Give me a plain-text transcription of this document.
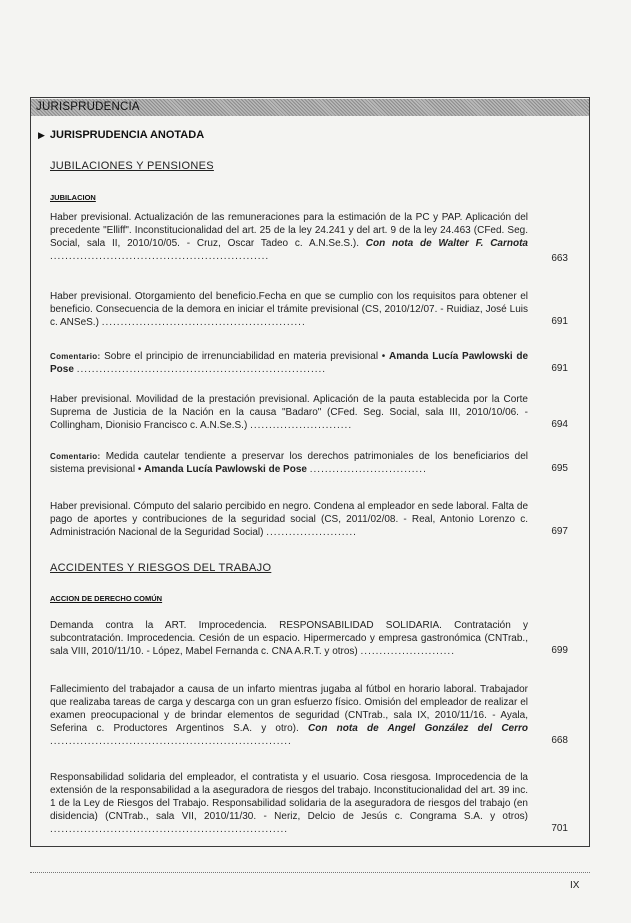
JURISPRUDENCIA
▶ JURISPRUDENCIA ANOTADA
JUBILACIONES Y PENSIONES
JUBILACION
Haber previsional. Actualización de las remuneraciones para la estimación de la PC y PAP. Aplicación del precedente "Elliff". Inconstitucionalidad del art. 25 de la ley 24.241 y del art. 9 de la ley 24.463 (CFed. Seg. Social, sala II, 2010/10/05. - Cruz, Oscar Tadeo c. A.N.Se.S.). Con nota de Walter F. Carnota ..........................................................	663
Haber previsional. Otorgamiento del beneficio.Fecha en que se cumplio con los requisitos para obtener el beneficio. Consecuencia de la demora en iniciar el trámite previsional (CS, 2010/12/07. - Ruidiaz, José Luis c. ANSeS.) ......................................................	691
Comentario: Sobre el principio de irrenunciabilidad en materia previsional • Amanda Lucía Pawlowski de Pose ..................................................................	691
Haber previsional. Movilidad de la prestación previsional. Aplicación de la pauta establecida por la Corte Suprema de Justicia de la Nación en la causa "Badaro" (CFed. Seg. Social, sala III, 2010/10/06. - Collingham, Dionisio Francisco c. A.N.Se.S.) ...........................	694
Comentario: Medida cautelar tendiente a preservar los derechos patrimoniales de los beneficiarios del sistema previsional • Amanda Lucía Pawlowski de Pose ...............................	695
Haber previsional. Cómputo del salario percibido en negro. Condena al empleador en sede laboral. Falta de pago de aportes y contribuciones de la seguridad social (CS, 2011/02/08. - Real, Antonio Lorenzo c. Administración Nacional de la Seguridad Social) ........................	697
ACCIDENTES Y RIESGOS DEL TRABAJO
ACCION DE DERECHO COMÚN
Demanda contra la ART. Improcedencia. RESPONSABILIDAD SOLIDARIA. Contratación y subcontratación. Improcedencia. Cesión de un espacio. Hipermercado y empresa gastronómica (CNTrab., sala VIII, 2010/11/10. - López, Mabel Fernanda c. CNA A.R.T. y otros) .........................	699
Fallecimiento del trabajador a causa de un infarto mientras jugaba al fútbol en horario laboral. Trabajador que realizaba tareas de carga y descarga con un gran esfuerzo físico. Omisión del empleador de realizar el examen preocupacional y de brindar elementos de seguridad (CNTrab., sala IX, 2010/11/16. - Ayala, Seferina c. Productores Argentinos S.A. y otro). Con nota de Angel González del Cerro ................................................................	668
Responsabilidad solidaria del empleador, el contratista y el usuario. Cosa riesgosa. Improcedencia de la extensión de la responsabilidad a la aseguradora de riesgos del trabajo. Inconstitucionalidad del art. 39 inc. 1 de la Ley de Riesgos del Trabajo. Responsabilidad solidaria de la aseguradora de riesgos del trabajo (en disidencia) (CNTrab., sala VII, 2010/11/30. - Neriz, Delcio de Jesús c. Congrama S.A. y otros) ...............................................................	701
IX
